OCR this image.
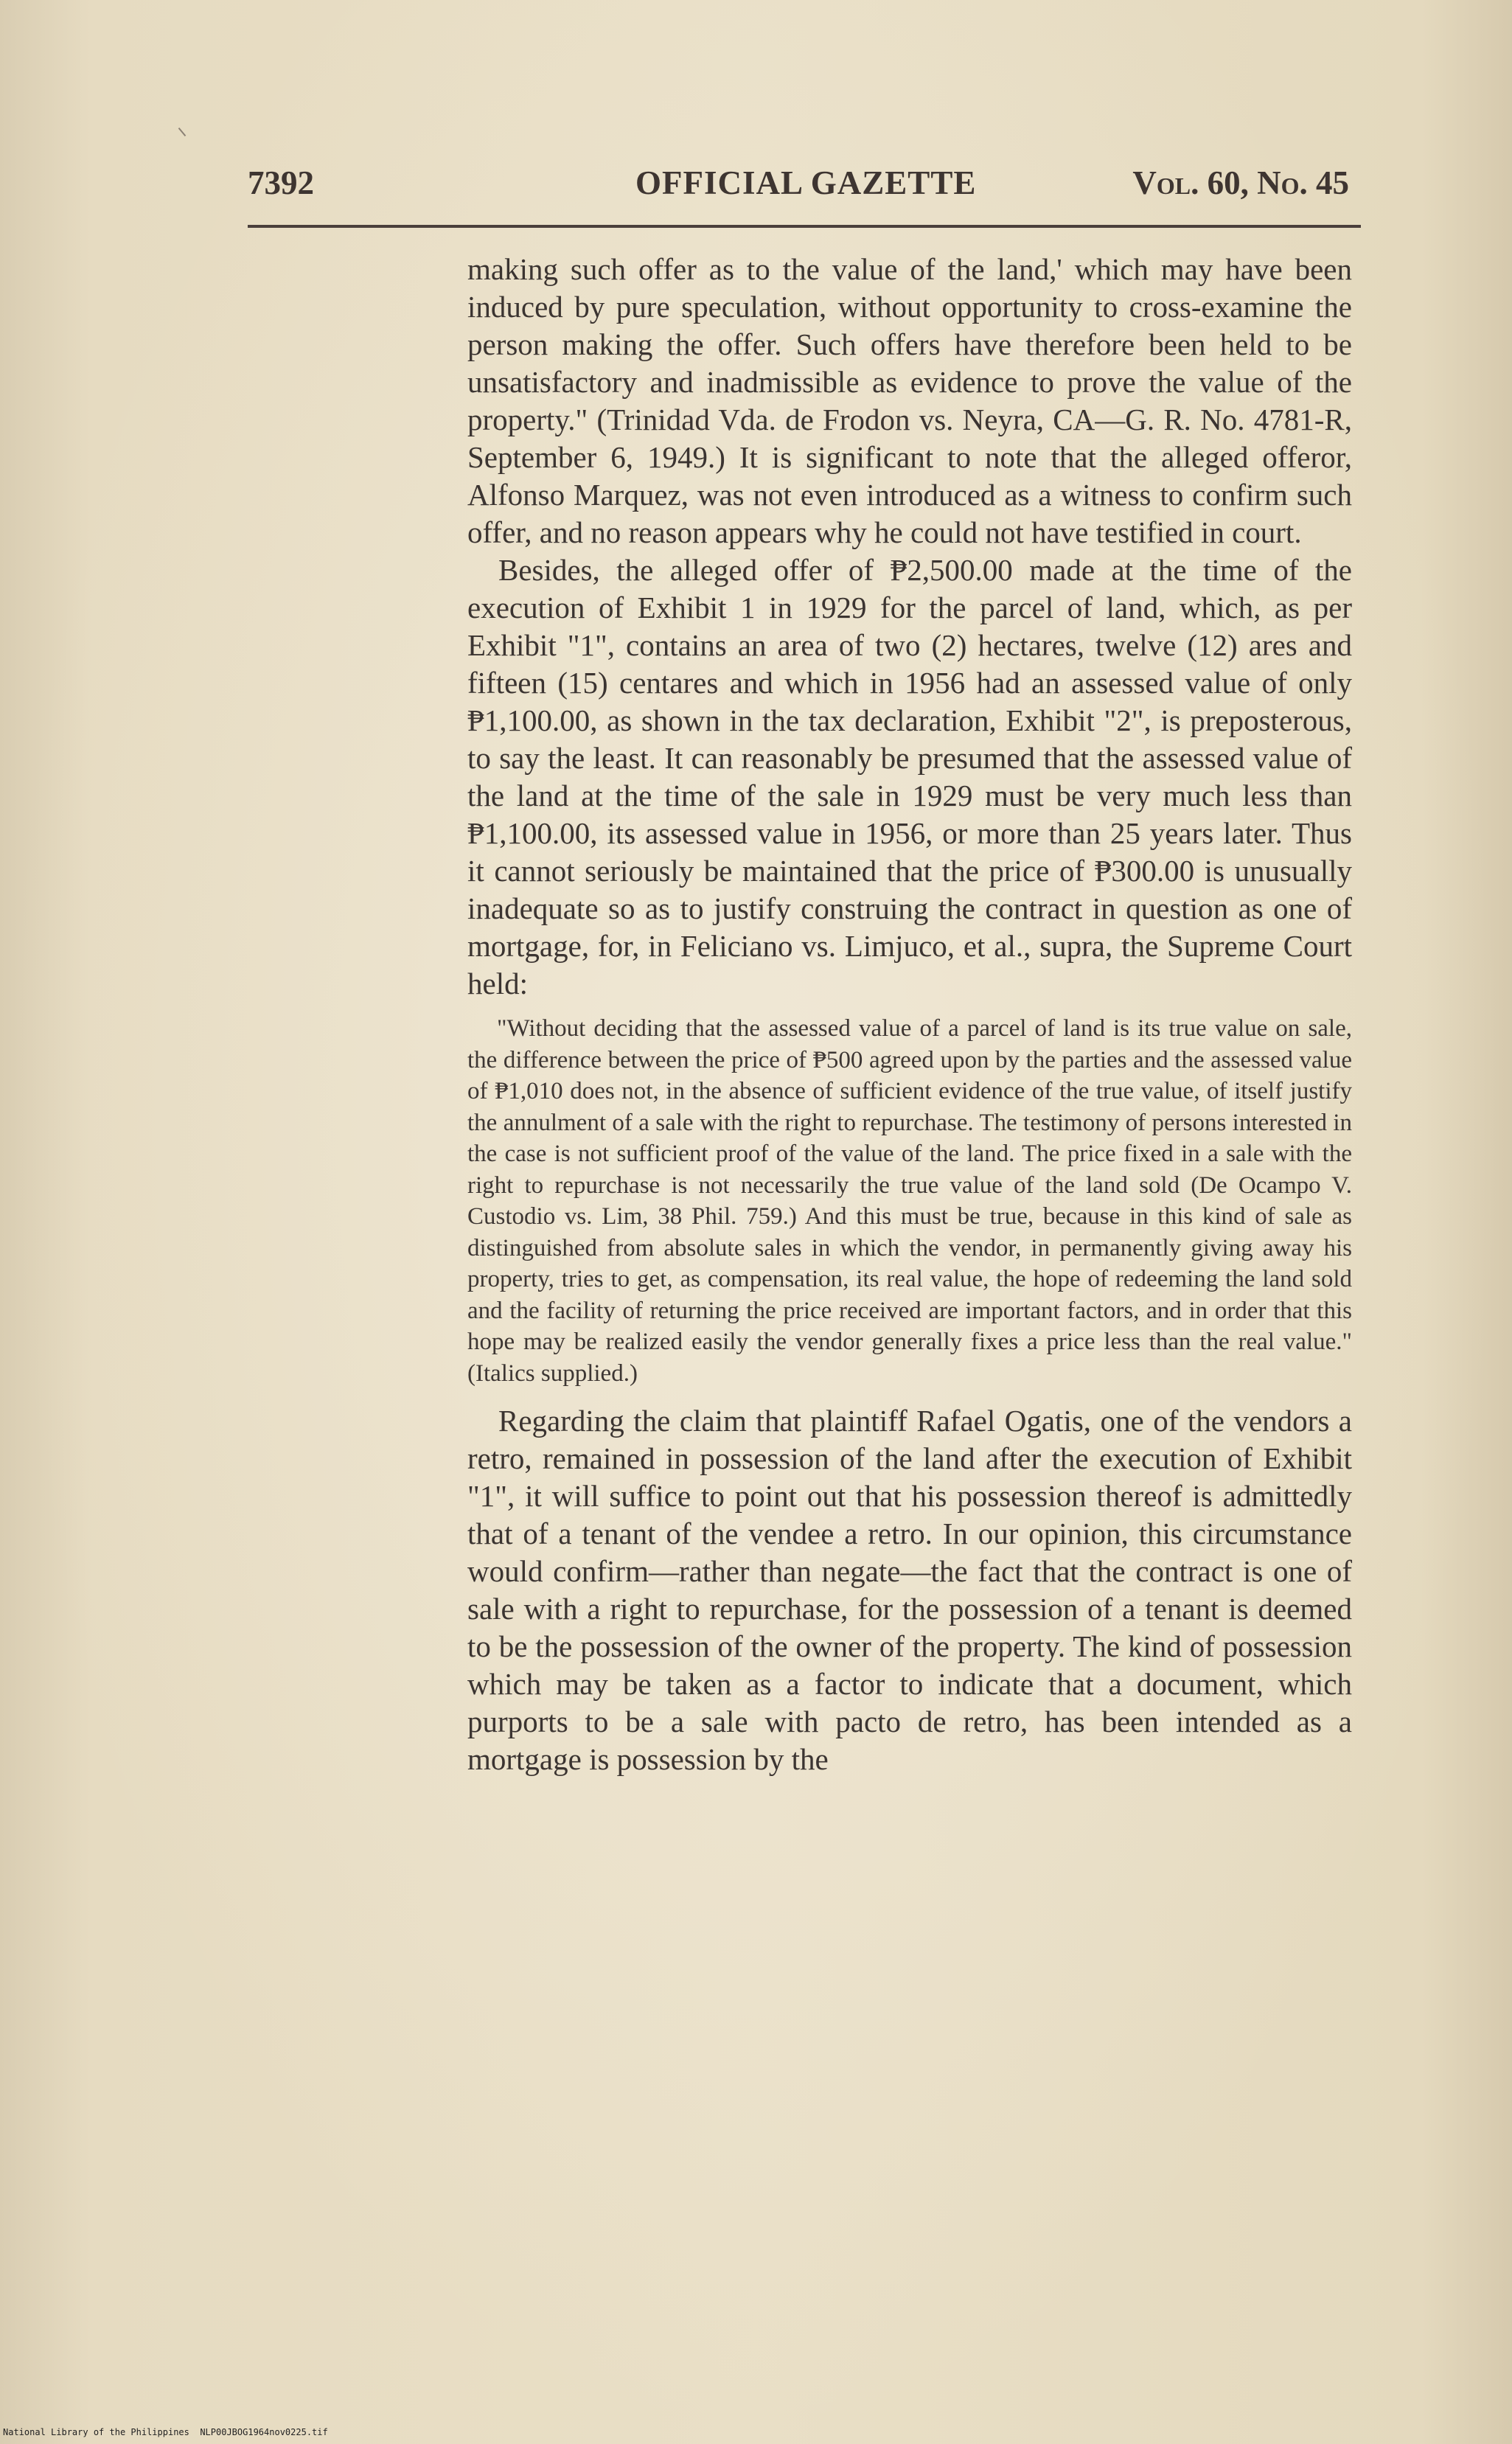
7392	OFFICIAL GAZETTE	Vol. 60, No. 45

making such offer as to the value of the land,' which may have been induced by pure speculation, without opportunity to cross-examine the person making the offer. Such offers have therefore been held to be unsatisfactory and inadmissible as evidence to prove the value of the property." (Trinidad Vda. de Frodon vs. Neyra, CA—G. R. No. 4781-R, September 6, 1949.) It is significant to note that the alleged offeror, Alfonso Marquez, was not even introduced as a witness to confirm such offer, and no reason appears why he could not have testified in court.

Besides, the alleged offer of ₱2,500.00 made at the time of the execution of Exhibit 1 in 1929 for the parcel of land, which, as per Exhibit "1", contains an area of two (2) hectares, twelve (12) ares and fifteen (15) centares and which in 1956 had an assessed value of only ₱1,100.00, as shown in the tax declaration, Exhibit "2", is preposterous, to say the least. It can reasonably be presumed that the assessed value of the land at the time of the sale in 1929 must be very much less than ₱1,100.00, its assessed value in 1956, or more than 25 years later. Thus it cannot seriously be maintained that the price of ₱300.00 is unusually inadequate so as to justify construing the contract in question as one of mortgage, for, in Feliciano vs. Limjuco, et al., supra, the Supreme Court held:

"Without deciding that the assessed value of a parcel of land is its true value on sale, the difference between the price of ₱500 agreed upon by the parties and the assessed value of ₱1,010 does not, in the absence of sufficient evidence of the true value, of itself justify the annulment of a sale with the right to repurchase. The testimony of persons interested in the case is not sufficient proof of the value of the land. The price fixed in a sale with the right to repurchase is not necessarily the true value of the land sold (De Ocampo V. Custodio vs. Lim, 38 Phil. 759.) And this must be true, because in this kind of sale as distinguished from absolute sales in which the vendor, in permanently giving away his property, tries to get, as compensation, its real value, the hope of redeeming the land sold and the facility of returning the price received are important factors, and in order that this hope may be realized easily the vendor generally fixes a price less than the real value." (Italics supplied.)

Regarding the claim that plaintiff Rafael Ogatis, one of the vendors a retro, remained in possession of the land after the execution of Exhibit "1", it will suffice to point out that his possession thereof is admittedly that of a tenant of the vendee a retro. In our opinion, this circumstance would confirm—rather than negate—the fact that the contract is one of sale with a right to repurchase, for the possession of a tenant is deemed to be the possession of the owner of the property. The kind of possession which may be taken as a factor to indicate that a document, which purports to be a sale with pacto de retro, has been intended as a mortgage is possession by the

National Library of the Philippines NLP00JBOG1964nov0225.tif
